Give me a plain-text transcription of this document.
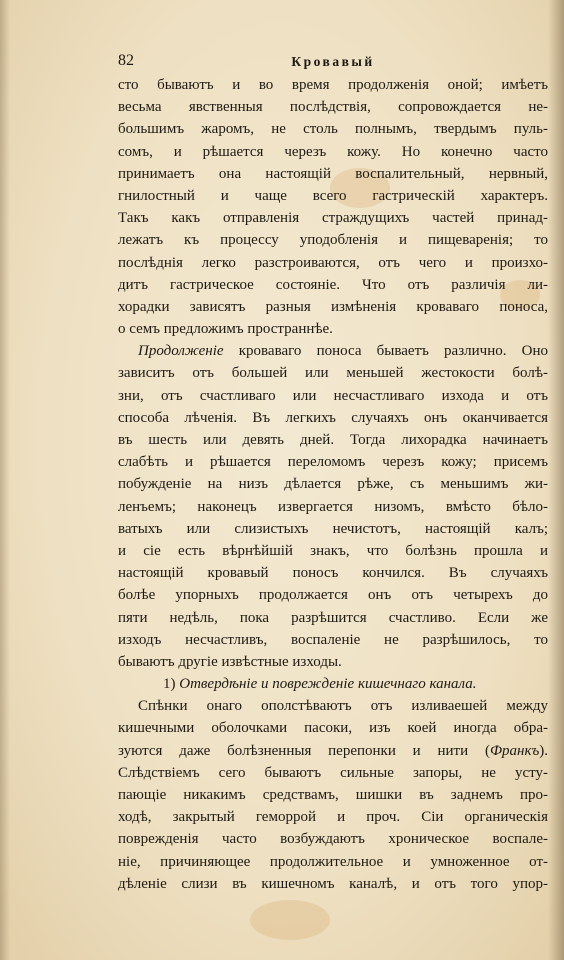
82	Кровавый
сто бываютъ и во время продолженія оной; имѣетъ
весьма явственныя послѣдствія, сопровождается не-
большимъ жаромъ, не столь полнымъ, твердымъ пуль-
сомъ, и рѣшается черезъ кожу. Но конечно часто
принимаетъ она настоящій воспалительный, нервный,
гнилостный и чаще всего гастрическій характеръ.
Такъ какъ отправленія страждущихъ частей принад-
лежатъ къ процессу уподобленія и пищеваренія; то
послѣднія легко разстроиваются, отъ чего и произхо-
дитъ гастрическое состояніе. Что отъ различія ли-
хорадки зависятъ разныя измѣненія кроваваго поноса,
о семъ предложимъ пространнѣе.
Продолженіе кроваваго поноса бываетъ различно. Оно
зависитъ отъ большей или меньшей жестокости болѣ-
зни, отъ счастливаго или несчастливаго изхода и отъ
способа лѣченія. Въ легкихъ случаяхъ онъ оканчивается
въ шесть или девять дней. Тогда лихорадка начинаетъ
слабѣть и рѣшается переломомъ черезъ кожу; присемъ
побужденіе на низъ дѣлается рѣже, съ меньшимъ жи-
ленъемъ; наконецъ извергается низомъ, вмѣсто бѣло-
ватыхъ или слизистыхъ нечистотъ, настоящій калъ;
и сіе есть вѣрнѣйшій знакъ, что болѣзнь прошла и
настоящій кровавый поносъ кончился. Въ случаяхъ
болѣе упорныхъ продолжается онъ отъ четырехъ до
пяти недѣль, пока разрѣшится счастливо. Если же
изходъ несчастливъ, воспаленіе не разрѣшилось, то
бываютъ другіе извѣстные изходы.
1) Отвердѣніе и поврежденіе кишечнаго канала.
Спѣнки онаго ополстѣваютъ отъ изливаешей между
кишечными оболочками пасоки, изъ коей иногда обра-
зуются даже болѣзненныя перепонки и нити (Франкъ).
Слѣдствіемъ сего бываютъ сильные запоры, не усту-
пающіе никакимъ средствамъ, шишки въ заднемъ про-
ходѣ, закрытый геморрой и проч. Сіи органическія
поврежденія часто возбуждаютъ хроническое воспале-
ніе, причиняющее продолжительное и умноженное от-
дѣленіе слизи въ кишечномъ каналѣ, и отъ того упор-
